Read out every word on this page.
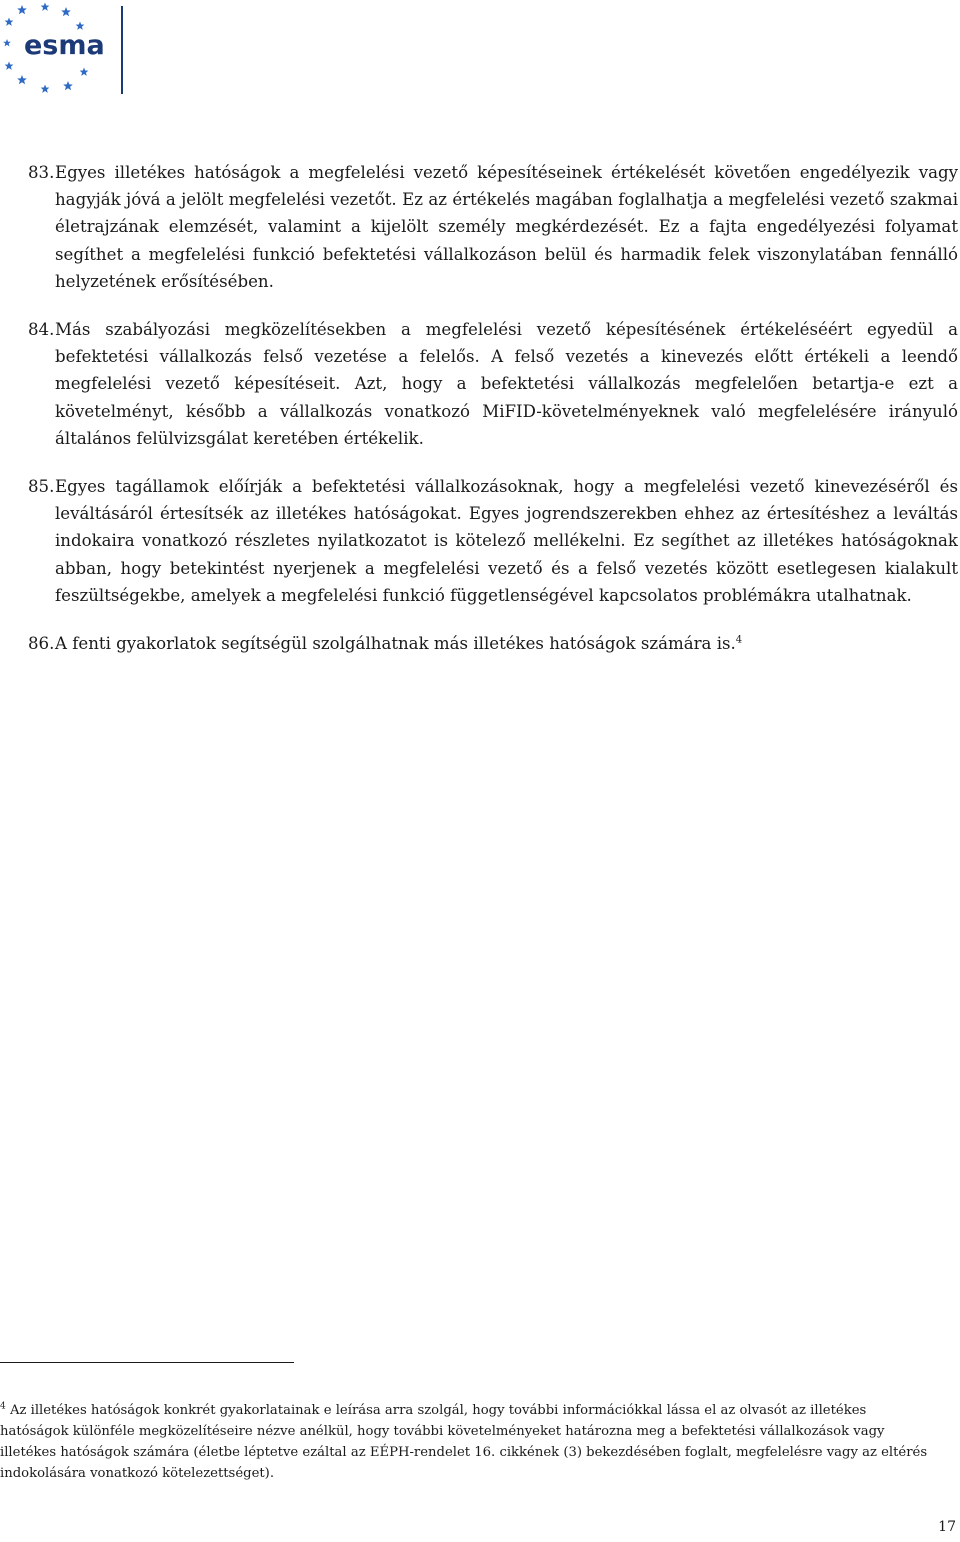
esma
83. Egyes illetékes hatóságok a megfelelési vezető képesítéseinek értékelését követően engedélyezik vagy hagyják jóvá a jelölt megfelelési vezetőt. Ez az értékelés magában foglalhatja a megfelelési vezető szakmai életrajzának elemzését, valamint a kijelölt személy megkérdezését. Ez a fajta engedélyezési folyamat segíthet a megfelelési funkció befektetési vállalkozáson belül és harmadik felek viszonylatában fennálló helyzetének erősítésében.
84. Más szabályozási megközelítésekben a megfelelési vezető képesítésének értékeléséért egyedül a befektetési vállalkozás felső vezetése a felelős. A felső vezetés a kinevezés előtt értékeli a leendő megfelelési vezető képesítéseit. Azt, hogy a befektetési vállalkozás megfelelően betartja-e ezt a követelményt, később a vállalkozás vonatkozó MiFID-követelményeknek való megfelelésére irányuló általános felülvizsgálat keretében értékelik.
85. Egyes tagállamok előírják a befektetési vállalkozásoknak, hogy a megfelelési vezető kinevezéséről és leváltásáról értesítsék az illetékes hatóságokat. Egyes jogrendszerekben ehhez az értesítéshez a leváltás indokaira vonatkozó részletes nyilatkozatot is kötelező mellékelni. Ez segíthet az illetékes hatóságoknak abban, hogy betekintést nyerjenek a megfelelési vezető és a felső vezetés között esetlegesen kialakult feszültségekbe, amelyek a megfelelési funkció függetlenségével kapcsolatos problémákra utalhatnak.
86. A fenti gyakorlatok segítségül szolgálhatnak más illetékes hatóságok számára is.$^4$
$^4$ Az illetékes hatóságok konkrét gyakorlatainak e leírása arra szolgál, hogy további információkkal lássa el az olvasót az illetékes hatóságok különféle megközelítéseire nézve anélkül, hogy további követelményeket határozna meg a befektetési vállalkozások vagy illetékes hatóságok számára (életbe léptetve ezáltal az EÉPH-rendelet 16. cikkének (3) bekezdésében foglalt, megfelelésre vagy az eltérés indokolására vonatkozó kötelezettséget).
17
